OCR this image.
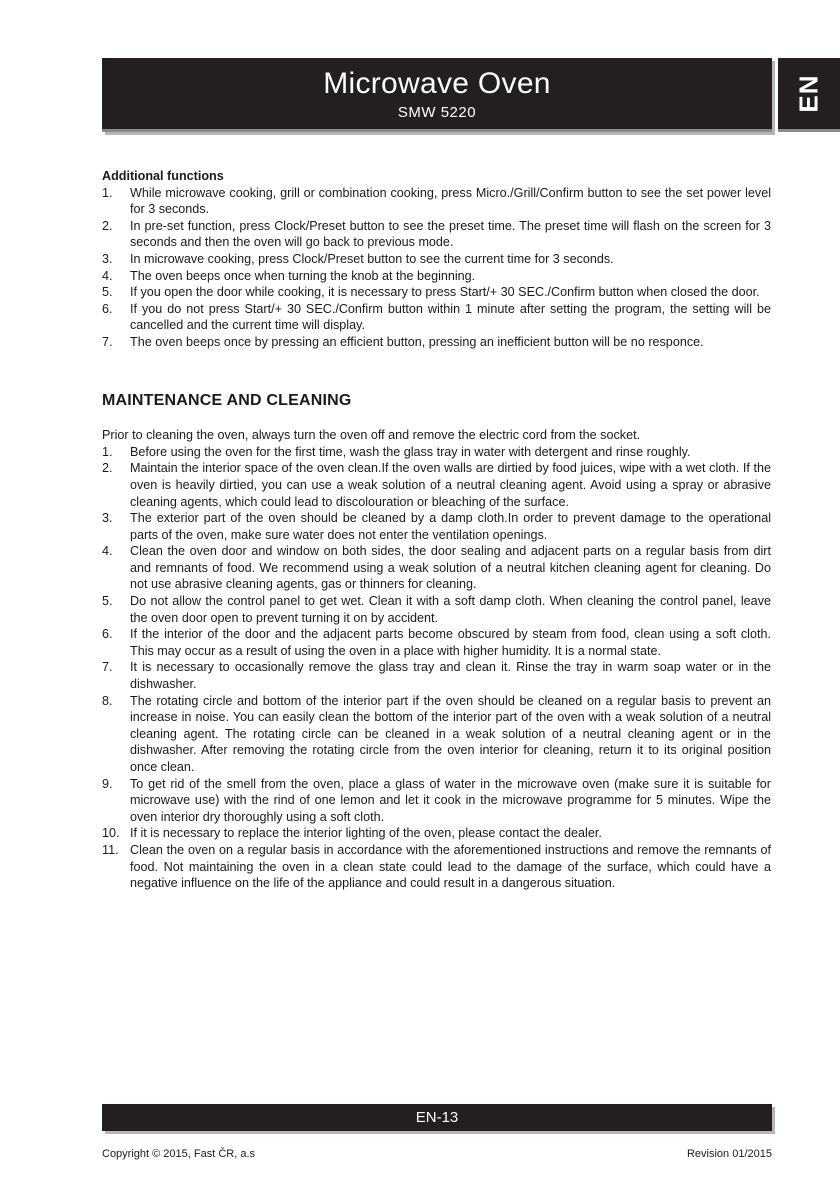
Microwave Oven
SMW 5220	EN

Additional functions

1. While microwave cooking, grill or combination cooking, press Micro./Grill/Confirm button to see the set power level for 3 seconds.
2. In pre-set function, press Clock/Preset button to see the preset time. The preset time will flash on the screen for 3 seconds and then the oven will go back to previous mode.
3. In microwave cooking, press Clock/Preset button to see the current time for 3 seconds.
4. The oven beeps once when turning the knob at the beginning.
5. If you open the door while cooking, it is necessary to press Start/+ 30 SEC./Confirm button when closed the door.
6. If you do not press Start/+ 30 SEC./Confirm button within 1 minute after setting the program, the setting will be cancelled and the current time will display.
7. The oven beeps once by pressing an efficient button, pressing an inefficient button will be no responce.
MAINTENANCE AND CLEANING

Prior to cleaning the oven, always turn the oven off and remove the electric cord from the socket.

1. Before using the oven for the first time, wash the glass tray in water with detergent and rinse roughly.
2. Maintain the interior space of the oven clean.If the oven walls are dirtied by food juices, wipe with a wet cloth. If the oven is heavily dirtied, you can use a weak solution of a neutral cleaning agent. Avoid using a spray or abrasive cleaning agents, which could lead to discolouration or bleaching of the surface.
3. The exterior part of the oven should be cleaned by a damp cloth.In order to prevent damage to the operational parts of the oven, make sure water does not enter the ventilation openings.
4. Clean the oven door and window on both sides, the door sealing and adjacent parts on a regular basis from dirt and remnants of food. We recommend using a weak solution of a neutral kitchen cleaning agent for cleaning. Do not use abrasive cleaning agents, gas or thinners for cleaning.
5. Do not allow the control panel to get wet. Clean it with a soft damp cloth. When cleaning the control panel, leave the oven door open to prevent turning it on by accident.
6. If the interior of the door and the adjacent parts become obscured by steam from food, clean using a soft cloth. This may occur as a result of using the oven in a place with higher humidity. It is a normal state.
7. It is necessary to occasionally remove the glass tray and clean it. Rinse the tray in warm soap water or in the dishwasher.
8. The rotating circle and bottom of the interior part if the oven should be cleaned on a regular basis to prevent an increase in noise. You can easily clean the bottom of the interior part of the oven with a weak solution of a neutral cleaning agent. The rotating circle can be cleaned in a weak solution of a neutral cleaning agent or in the dishwasher. After removing the rotating circle from the oven interior for cleaning, return it to its original position once clean.
9. To get rid of the smell from the oven, place a glass of water in the microwave oven (make sure it is suitable for microwave use) with the rind of one lemon and let it cook in the microwave programme for 5 minutes. Wipe the oven interior dry thoroughly using a soft cloth.
10. If it is necessary to replace the interior lighting of the oven, please contact the dealer.
11. Clean the oven on a regular basis in accordance with the aforementioned instructions and remove the remnants of food. Not maintaining the oven in a clean state could lead to the damage of the surface, which could have a negative influence on the life of the appliance and could result in a dangerous situation.
EN-13
Copyright © 2015, Fast ČR, a.s	Revision 01/2015
